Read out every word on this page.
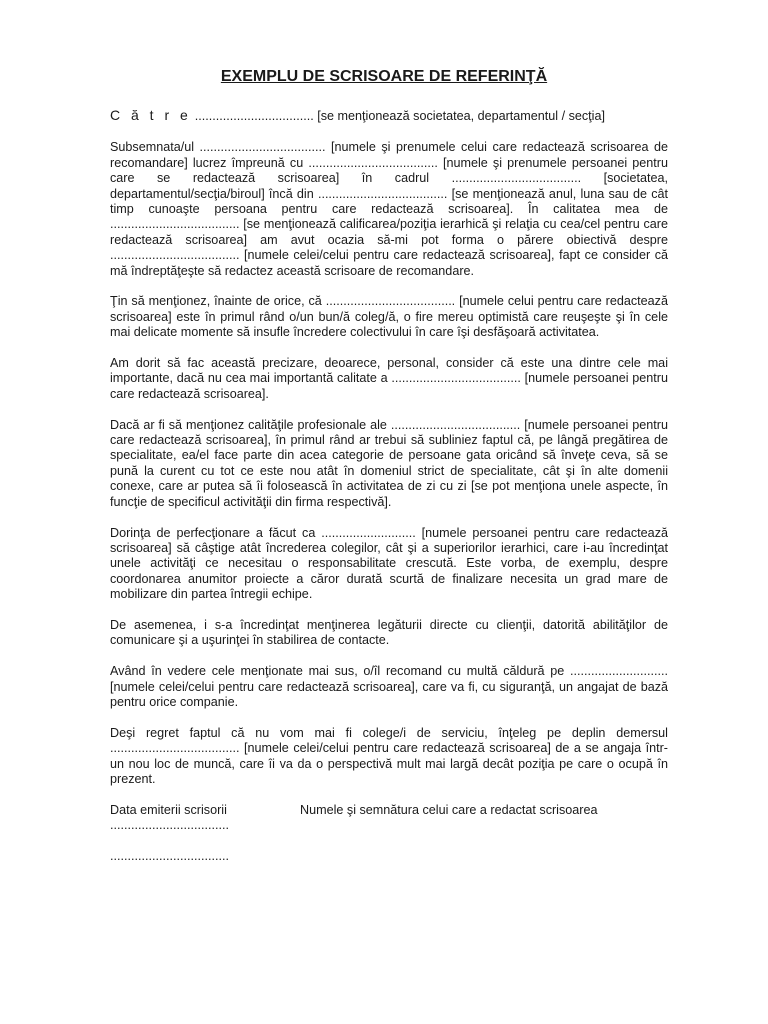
EXEMPLU DE SCRISOARE DE REFERINŢĂ

C ă t r e .................................. [se menţionează societatea, departamentul / secţia]

Subsemnata/ul .................................... [numele şi prenumele celui care redactează scrisoarea de recomandare] lucrez împreună cu ..................................... [numele şi prenumele persoanei pentru care se redactează scrisoarea] în cadrul ..................................... [societatea, departamentul/secţia/biroul] încă din ..................................... [se menţionează anul, luna sau de cât timp cunoaşte persoana pentru care redactează scrisoarea]. În calitatea mea de ..................................... [se menţionează calificarea/poziţia ierarhică şi relaţia cu cea/cel pentru care redactează scrisoarea] am avut ocazia să-mi pot forma o părere obiectivă despre ..................................... [numele celei/celui pentru care redactează scrisoarea], fapt ce consider că mă îndreptăţeşte să redactez această scrisoare de recomandare.

Ţin să menţionez, înainte de orice, că ..................................... [numele celui pentru care redactează scrisoarea] este în primul rând o/un bun/ă coleg/ă, o fire mereu optimistă care reuşeşte şi în cele mai delicate momente să insufle încredere colectivului în care îşi desfăşoară activitatea.

Am dorit să fac această precizare, deoarece, personal, consider că este una dintre cele mai importante, dacă nu cea mai importantă calitate a ..................................... [numele persoanei pentru care redactează scrisoarea].

Dacă ar fi să menţionez calităţile profesionale ale ..................................... [numele persoanei pentru care redactează scrisoarea], în primul rând ar trebui să subliniez faptul că, pe lângă pregătirea de specialitate, ea/el face parte din acea categorie de persoane gata oricând să înveţe ceva, să se pună la curent cu tot ce este nou atât în domeniul strict de specialitate, cât şi în alte domenii conexe, care ar putea să îi folosească în activitatea de zi cu zi [se pot menţiona unele aspecte, în funcţie de specificul activităţii din firma respectivă].

Dorinţa de perfecţionare a făcut ca ........................... [numele persoanei pentru care redactează scrisoarea] să câştige atât încrederea colegilor, cât şi a superiorilor ierarhici, care i-au încredinţat unele activităţi ce necesitau o responsabilitate crescută. Este vorba, de exemplu, despre coordonarea anumitor proiecte a căror durată scurtă de finalizare necesita un grad mare de mobilizare din partea întregii echipe.

De asemenea, i s-a încredinţat menţinerea legăturii directe cu clienţii, datorită abilităţilor de comunicare şi a uşurinţei în stabilirea de contacte.

Având în vedere cele menţionate mai sus, o/îl recomand cu multă căldură pe ............................ [numele celei/celui pentru care redactează scrisoarea], care va fi, cu siguranţă, un angajat de bază pentru orice companie.

Deşi regret faptul că nu vom mai fi colege/i de serviciu, înţeleg pe deplin demersul ..................................... [numele celei/celui pentru care redactează scrisoarea] de a se angaja într-un nou loc de muncă, care îi va da o perspectivă mult mai largă decât poziţia pe care o ocupă în prezent.

Data emiterii scrisorii	Numele şi semnătura celui care a redactat scrisoarea

..................................

..................................
